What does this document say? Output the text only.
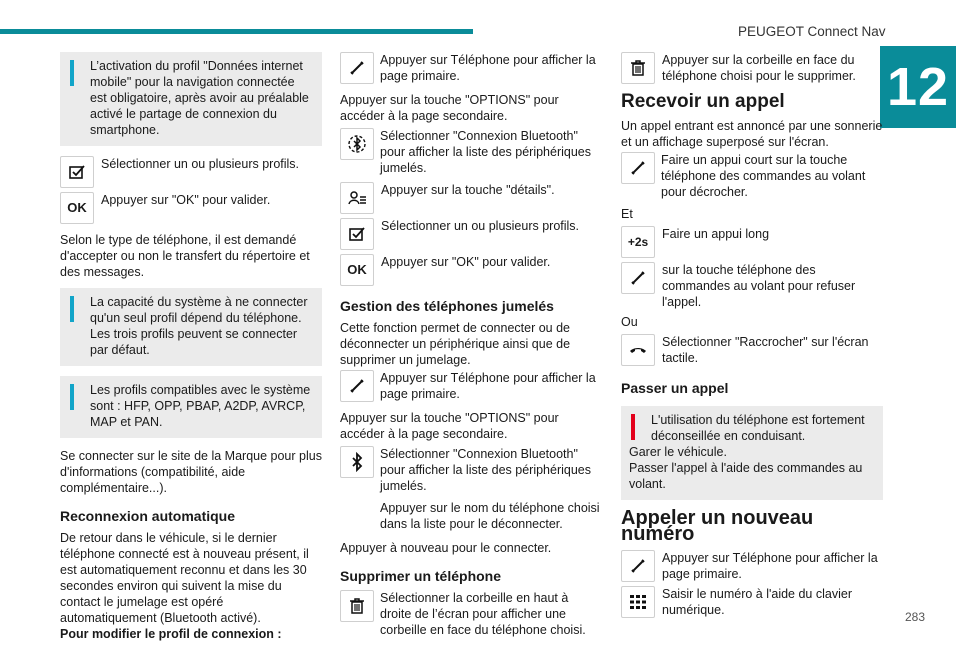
PEUGEOT Connect Nav
12
283
L’activation du profil "Données internet mobile" pour la navigation connectée est obligatoire, après avoir au préalable activé le partage de connexion du smartphone.
Sélectionner un ou plusieurs profils.
OK	Appuyer sur "OK" pour valider.

Selon le type de téléphone, il est demandé d'accepter ou non le transfert du répertoire et des messages.

La capacité du système à ne connecter qu'un seul profil dépend du téléphone. Les trois profils peuvent se connecter par défaut.
Les profils compatibles avec le système sont : HFP, OPP, PBAP, A2DP, AVRCP, MAP et PAN.

Se connecter sur le site de la Marque pour plus d'informations (compatibilité, aide complémentaire...).

Reconnexion automatique

De retour dans le véhicule, si le dernier téléphone connecté est à nouveau présent, il est automatiquement reconnu et dans les 30 secondes environ qui suivent la mise du contact le jumelage est opéré automatiquement (Bluetooth activé).

Pour modifier le profil de connexion :

Appuyer sur Téléphone pour afficher la page primaire.
Appuyer sur la touche "OPTIONS" pour accéder à la page secondaire.
Sélectionner "Connexion Bluetooth" pour afficher la liste des périphériques jumelés.
Appuyer sur la touche "détails".
Sélectionner un ou plusieurs profils.
OK	Appuyer sur "OK" pour valider.
Gestion des téléphones jumelés

Cette fonction permet de connecter ou de déconnecter un périphérique ainsi que de supprimer un jumelage.

Appuyer sur Téléphone pour afficher la page primaire.
Appuyer sur la touche "OPTIONS" pour accéder à la page secondaire.
Sélectionner "Connexion Bluetooth" pour afficher la liste des périphériques jumelés.
Appuyer sur le nom du téléphone choisi dans la liste pour le déconnecter.
Appuyer à nouveau pour le connecter.
Supprimer un téléphone
Sélectionner la corbeille en haut à droite de l’écran pour afficher une corbeille en face du téléphone choisi.
Appuyer sur la corbeille en face du téléphone choisi pour le supprimer.
Recevoir un appel

Un appel entrant est annoncé par une sonnerie et un affichage superposé sur l'écran.

Faire un appui court sur la touche téléphone des commandes au volant pour décrocher.
Et
+2s
Faire un appui long
sur la touche téléphone des commandes au volant pour refuser l'appel.
Ou
Sélectionner "Raccrocher" sur l'écran tactile.
Passer un appel
L'utilisation du téléphone est fortement déconseillée en conduisant.
Garer le véhicule.
Passer l'appel à l'aide des commandes au volant.
Appeler un nouveau numéro
Appuyer sur Téléphone pour afficher la page primaire.
Saisir le numéro à l'aide du clavier numérique.
